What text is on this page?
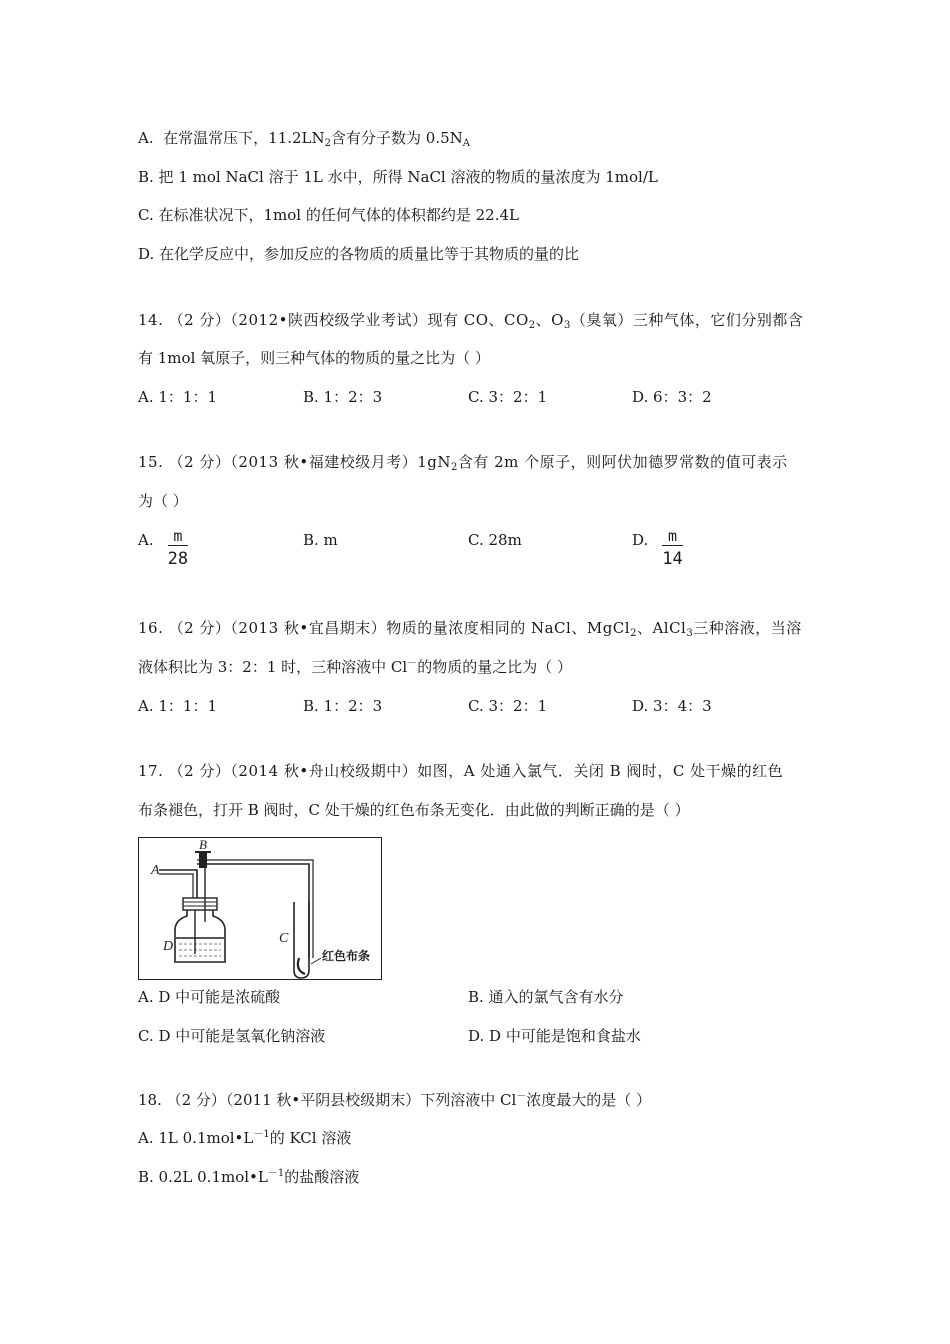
A. 在常温常压下，$11.2LN_2$含有分子数为 $0.5N_A$
B. 把 1 mol NaCl 溶于 1L 水中，所得 NaCl 溶液的物质的量浓度为 1mol/L
C. 在标准状况下，1mol 的任何气体的体积都约是 22.4L
D. 在化学反应中，参加反应的各物质的质量比等于其物质的量的比
14. （2 分）（2012•陕西校级学业考试）现有 CO、$CO_2$、$O_3$（臭氧）三种气体，它们分别都含
有 1mol 氧原子，则三种气体的物质的量之比为（ ）
A. 1：1：1	B. 1：2：3	C. 3：2：1	D. 6：3：2
15. （2 分）（2013 秋•福建校级月考）$1gN_2$含有 2m 个原子，则阿伏加德罗常数的值可表示
为（ ）
A. $\frac{m}{28}$	B. m	C. 28m	D. $\frac{m}{14}$
16. （2 分）（2013 秋•宜昌期末）物质的量浓度相同的 NaCl、MgCl$_2$、AlCl$_3$三种溶液，当溶
液体积比为 3：2：1 时，三种溶液中 Cl－的物质的量之比为（ ）
A. 1：1：1	B. 1：2：3	C. 3：2：1	D. 3：4：3
17. （2 分）（2014 秋•舟山校级期中）如图，A 处通入氯气．关闭 B 阀时，C 处干燥的红色
布条褪色，打开 B 阀时，C 处干燥的红色布条无变化．由此做的判断正确的是（ ）
A
B
D
C
红色布条
A. D 中可能是浓硫酸	B. 通入的氯气含有水分
C. D 中可能是氢氧化钠溶液	D. D 中可能是饱和食盐水
18. （2 分）（2011 秋•平阴县校级期末）下列溶液中 Cl－浓度最大的是（ ）
A. 1L $0.1mol•L^{-1}$的 KCl 溶液
B. 0.2L $0.1mol•L^{-1}$的盐酸溶液
